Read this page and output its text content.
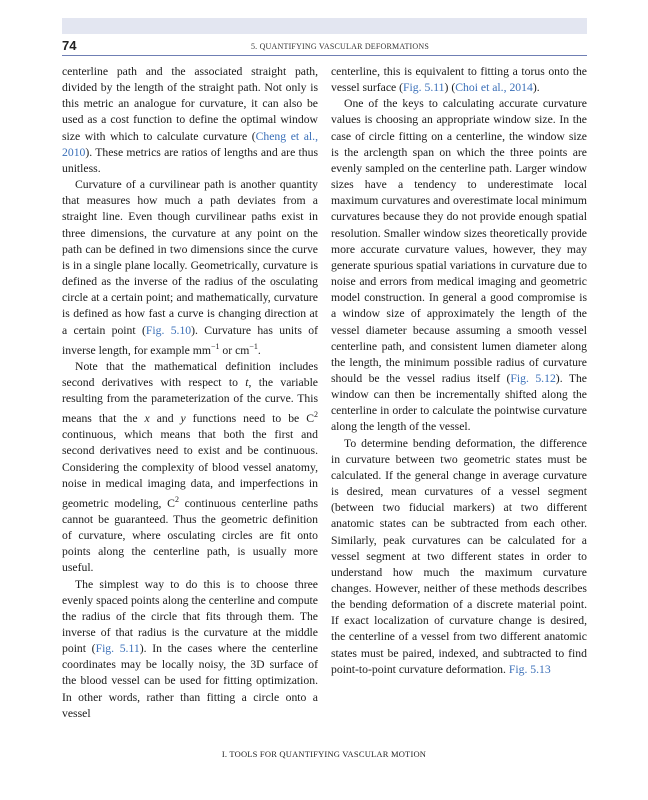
74	5. QUANTIFYING VASCULAR DEFORMATIONS

centerline path and the associated straight path, divided by the length of the straight path. Not only is this metric an analogue for curvature, it can also be used as a cost function to define the optimal window size with which to calculate curvature (Cheng et al., 2010). These metrics are ratios of lengths and are thus unitless.

Curvature of a curvilinear path is another quantity that measures how much a path deviates from a straight line. Even though curvilinear paths exist in three dimensions, the curvature at any point on the path can be defined in two dimensions since the curve is in a single plane locally. Geometrically, curvature is defined as the inverse of the radius of the osculating circle at a certain point; and mathematically, curvature is defined as how fast a curve is changing direction at a certain point (Fig. 5.10). Curvature has units of inverse length, for example $mm^{-1}$ or $cm^{-1}$.

Note that the mathematical definition includes second derivatives with respect to t, the variable resulting from the parameterization of the curve. This means that the x and y functions need to be $C^2$ continuous, which means that both the first and second derivatives need to exist and be continuous. Considering the complexity of blood vessel anatomy, noise in medical imaging data, and imperfections in geometric modeling, $C^2$ continuous centerline paths cannot be guaranteed. Thus the geometric definition of curvature, where osculating circles are fit onto points along the centerline path, is usually more useful.

The simplest way to do this is to choose three evenly spaced points along the centerline and compute the radius of the circle that fits through them. The inverse of that radius is the curvature at the middle point (Fig. 5.11). In the cases where the centerline coordinates may be locally noisy, the 3D surface of the blood vessel can be used for fitting optimization. In other words, rather than fitting a circle onto a vessel

centerline, this is equivalent to fitting a torus onto the vessel surface (Fig. 5.11) (Choi et al., 2014).

One of the keys to calculating accurate curvature values is choosing an appropriate window size. In the case of circle fitting on a centerline, the window size is the arclength span on which the three points are evenly sampled on the centerline path. Larger window sizes have a tendency to underestimate local maximum curvatures and overestimate local minimum curvatures because they do not provide enough spatial resolution. Smaller window sizes theoretically provide more accurate curvature values, however, they may generate spurious spatial variations in curvature due to noise and errors from medical imaging and geometric model construction. In general a good compromise is a window size of approximately the length of the vessel diameter because assuming a smooth vessel centerline path, and consistent lumen diameter along the length, the minimum possible radius of curvature should be the vessel radius itself (Fig. 5.12). The window can then be incrementally shifted along the centerline in order to calculate the pointwise curvature along the length of the vessel.

To determine bending deformation, the difference in curvature between two geometric states must be calculated. If the general change in average curvature is desired, mean curvatures of a vessel segment (between two fiducial markers) at two different anatomic states can be subtracted from each other. Similarly, peak curvatures can be calculated for a vessel segment at two different states in order to understand how much the maximum curvature changes. However, neither of these methods describes the bending deformation of a discrete material point. If exact localization of curvature change is desired, the centerline of a vessel from two different anatomic states must be paired, indexed, and subtracted to find point-to-point curvature deformation. Fig. 5.13

I. TOOLS FOR QUANTIFYING VASCULAR MOTION
